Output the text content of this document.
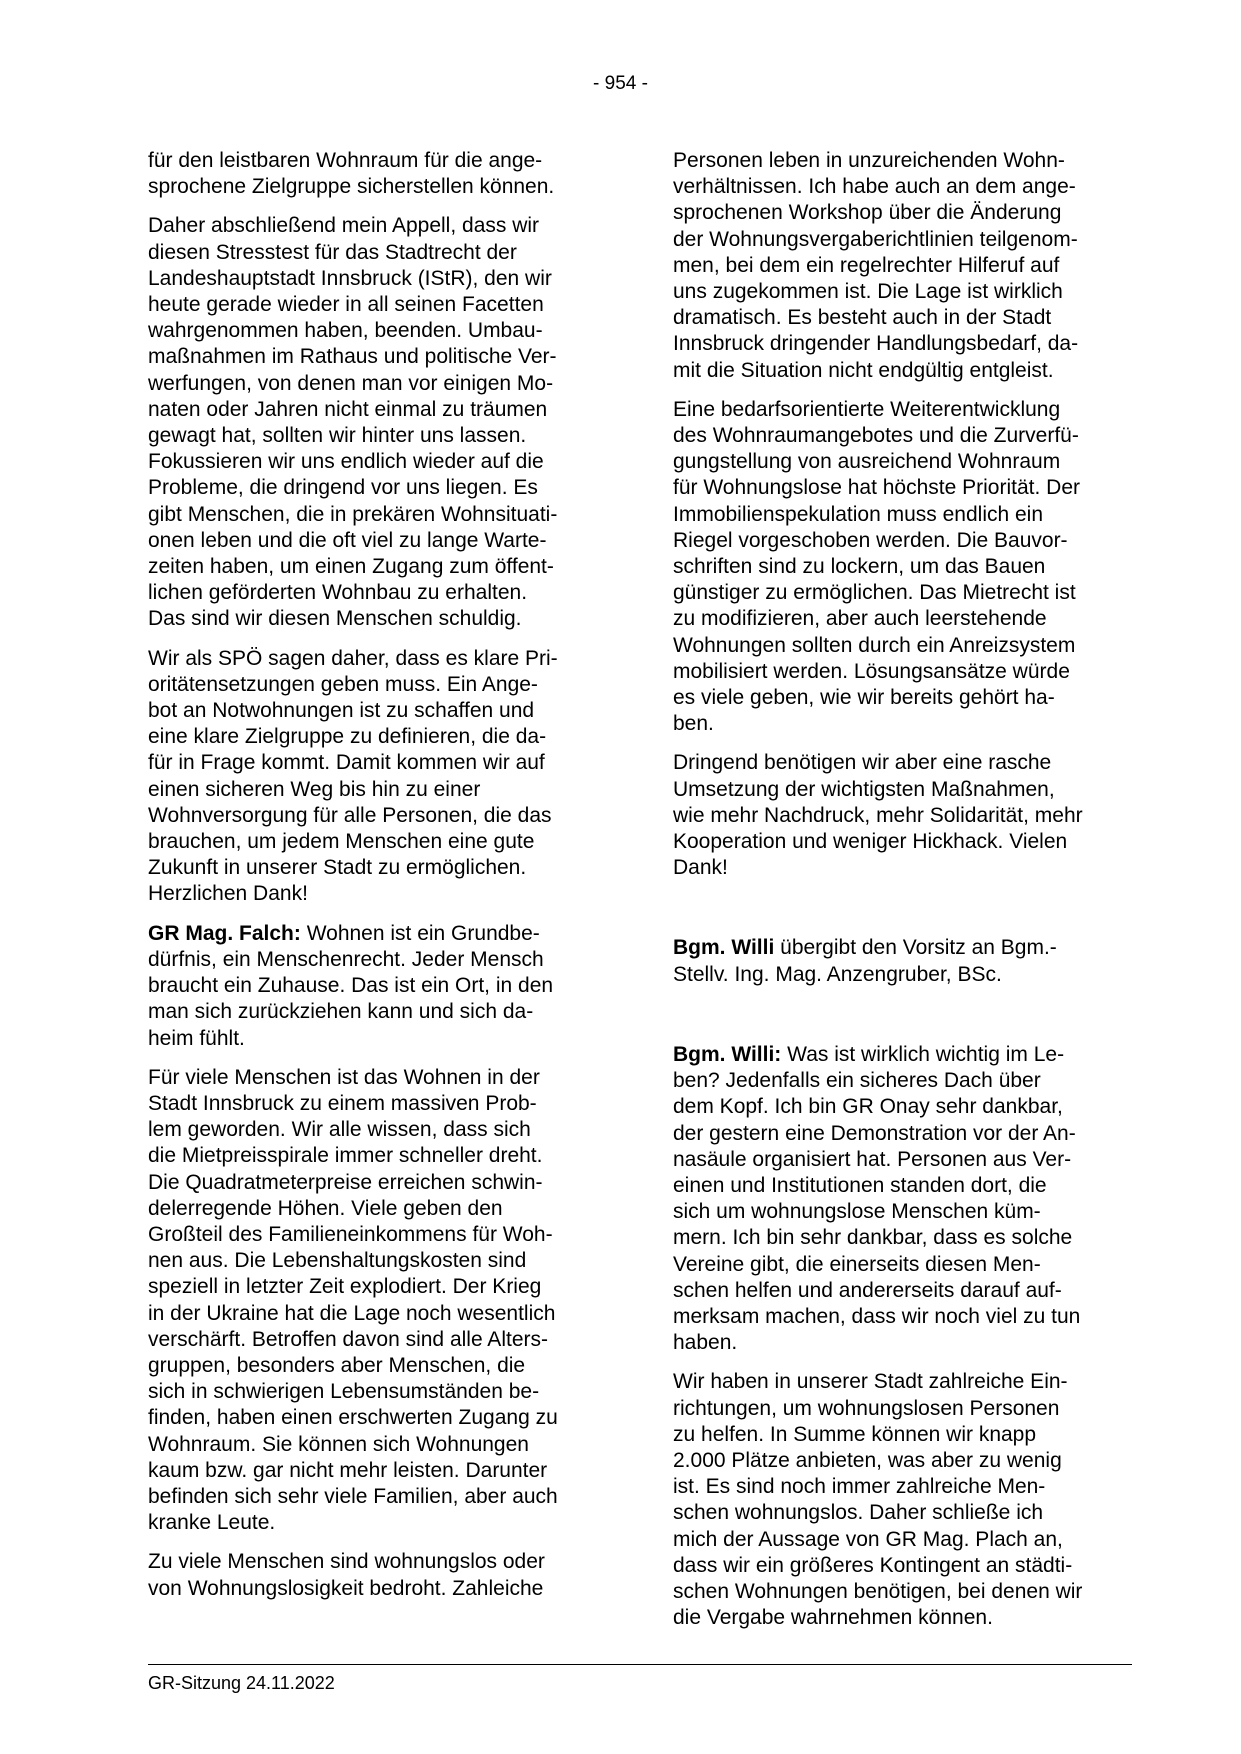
- 954 -

für den leistbaren Wohnraum für die ange-
sprochene Zielgruppe sicherstellen können.

Daher abschließend mein Appell, dass wir
diesen Stresstest für das Stadtrecht der
Landeshauptstadt Innsbruck (IStR), den wir
heute gerade wieder in all seinen Facetten
wahrgenommen haben, beenden. Umbau-
maßnahmen im Rathaus und politische Ver-
werfungen, von denen man vor einigen Mo-
naten oder Jahren nicht einmal zu träumen
gewagt hat, sollten wir hinter uns lassen.
Fokussieren wir uns endlich wieder auf die
Probleme, die dringend vor uns liegen. Es
gibt Menschen, die in prekären Wohnsituati-
onen leben und die oft viel zu lange Warte-
zeiten haben, um einen Zugang zum öffent-
lichen geförderten Wohnbau zu erhalten.
Das sind wir diesen Menschen schuldig.

Wir als SPÖ sagen daher, dass es klare Pri-
oritätensetzungen geben muss. Ein Ange-
bot an Notwohnungen ist zu schaffen und
eine klare Zielgruppe zu definieren, die da-
für in Frage kommt. Damit kommen wir auf
einen sicheren Weg bis hin zu einer
Wohnversorgung für alle Personen, die das
brauchen, um jedem Menschen eine gute
Zukunft in unserer Stadt zu ermöglichen.
Herzlichen Dank!

GR Mag. Falch: Wohnen ist ein Grundbe-
dürfnis, ein Menschenrecht. Jeder Mensch
braucht ein Zuhause. Das ist ein Ort, in den
man sich zurückziehen kann und sich da-
heim fühlt.

Für viele Menschen ist das Wohnen in der
Stadt Innsbruck zu einem massiven Prob-
lem geworden. Wir alle wissen, dass sich
die Mietpreisspirale immer schneller dreht.
Die Quadratmeterpreise erreichen schwin-
delerregende Höhen. Viele geben den
Großteil des Familieneinkommens für Woh-
nen aus. Die Lebenshaltungskosten sind
speziell in letzter Zeit explodiert. Der Krieg
in der Ukraine hat die Lage noch wesentlich
verschärft. Betroffen davon sind alle Alters-
gruppen, besonders aber Menschen, die
sich in schwierigen Lebensumständen be-
finden, haben einen erschwerten Zugang zu
Wohnraum. Sie können sich Wohnungen
kaum bzw. gar nicht mehr leisten. Darunter
befinden sich sehr viele Familien, aber auch
kranke Leute.

Zu viele Menschen sind wohnungslos oder
von Wohnungslosigkeit bedroht. Zahleiche

Personen leben in unzureichenden Wohn-
verhältnissen. Ich habe auch an dem ange-
sprochenen Workshop über die Änderung
der Wohnungsvergaberichtlinien teilgenom-
men, bei dem ein regelrechter Hilferuf auf
uns zugekommen ist. Die Lage ist wirklich
dramatisch. Es besteht auch in der Stadt
Innsbruck dringender Handlungsbedarf, da-
mit die Situation nicht endgültig entgleist.

Eine bedarfsorientierte Weiterentwicklung
des Wohnraumangebotes und die Zurverfü-
gungstellung von ausreichend Wohnraum
für Wohnungslose hat höchste Priorität. Der
Immobilienspekulation muss endlich ein
Riegel vorgeschoben werden. Die Bauvor-
schriften sind zu lockern, um das Bauen
günstiger zu ermöglichen. Das Mietrecht ist
zu modifizieren, aber auch leerstehende
Wohnungen sollten durch ein Anreizsystem
mobilisiert werden. Lösungsansätze würde
es viele geben, wie wir bereits gehört ha-
ben.

Dringend benötigen wir aber eine rasche
Umsetzung der wichtigsten Maßnahmen,
wie mehr Nachdruck, mehr Solidarität, mehr
Kooperation und weniger Hickhack. Vielen
Dank!

Bgm. Willi übergibt den Vorsitz an Bgm.-
Stellv. Ing. Mag. Anzengruber, BSc.

Bgm. Willi: Was ist wirklich wichtig im Le-
ben? Jedenfalls ein sicheres Dach über
dem Kopf. Ich bin GR Onay sehr dankbar,
der gestern eine Demonstration vor der An-
nasäule organisiert hat. Personen aus Ver-
einen und Institutionen standen dort, die
sich um wohnungslose Menschen küm-
mern. Ich bin sehr dankbar, dass es solche
Vereine gibt, die einerseits diesen Men-
schen helfen und andererseits darauf auf-
merksam machen, dass wir noch viel zu tun
haben.

Wir haben in unserer Stadt zahlreiche Ein-
richtungen, um wohnungslosen Personen
zu helfen. In Summe können wir knapp
2.000 Plätze anbieten, was aber zu wenig
ist. Es sind noch immer zahlreiche Men-
schen wohnungslos. Daher schließe ich
mich der Aussage von GR Mag. Plach an,
dass wir ein größeres Kontingent an städti-
schen Wohnungen benötigen, bei denen wir
die Vergabe wahrnehmen können.

GR-Sitzung 24.11.2022
